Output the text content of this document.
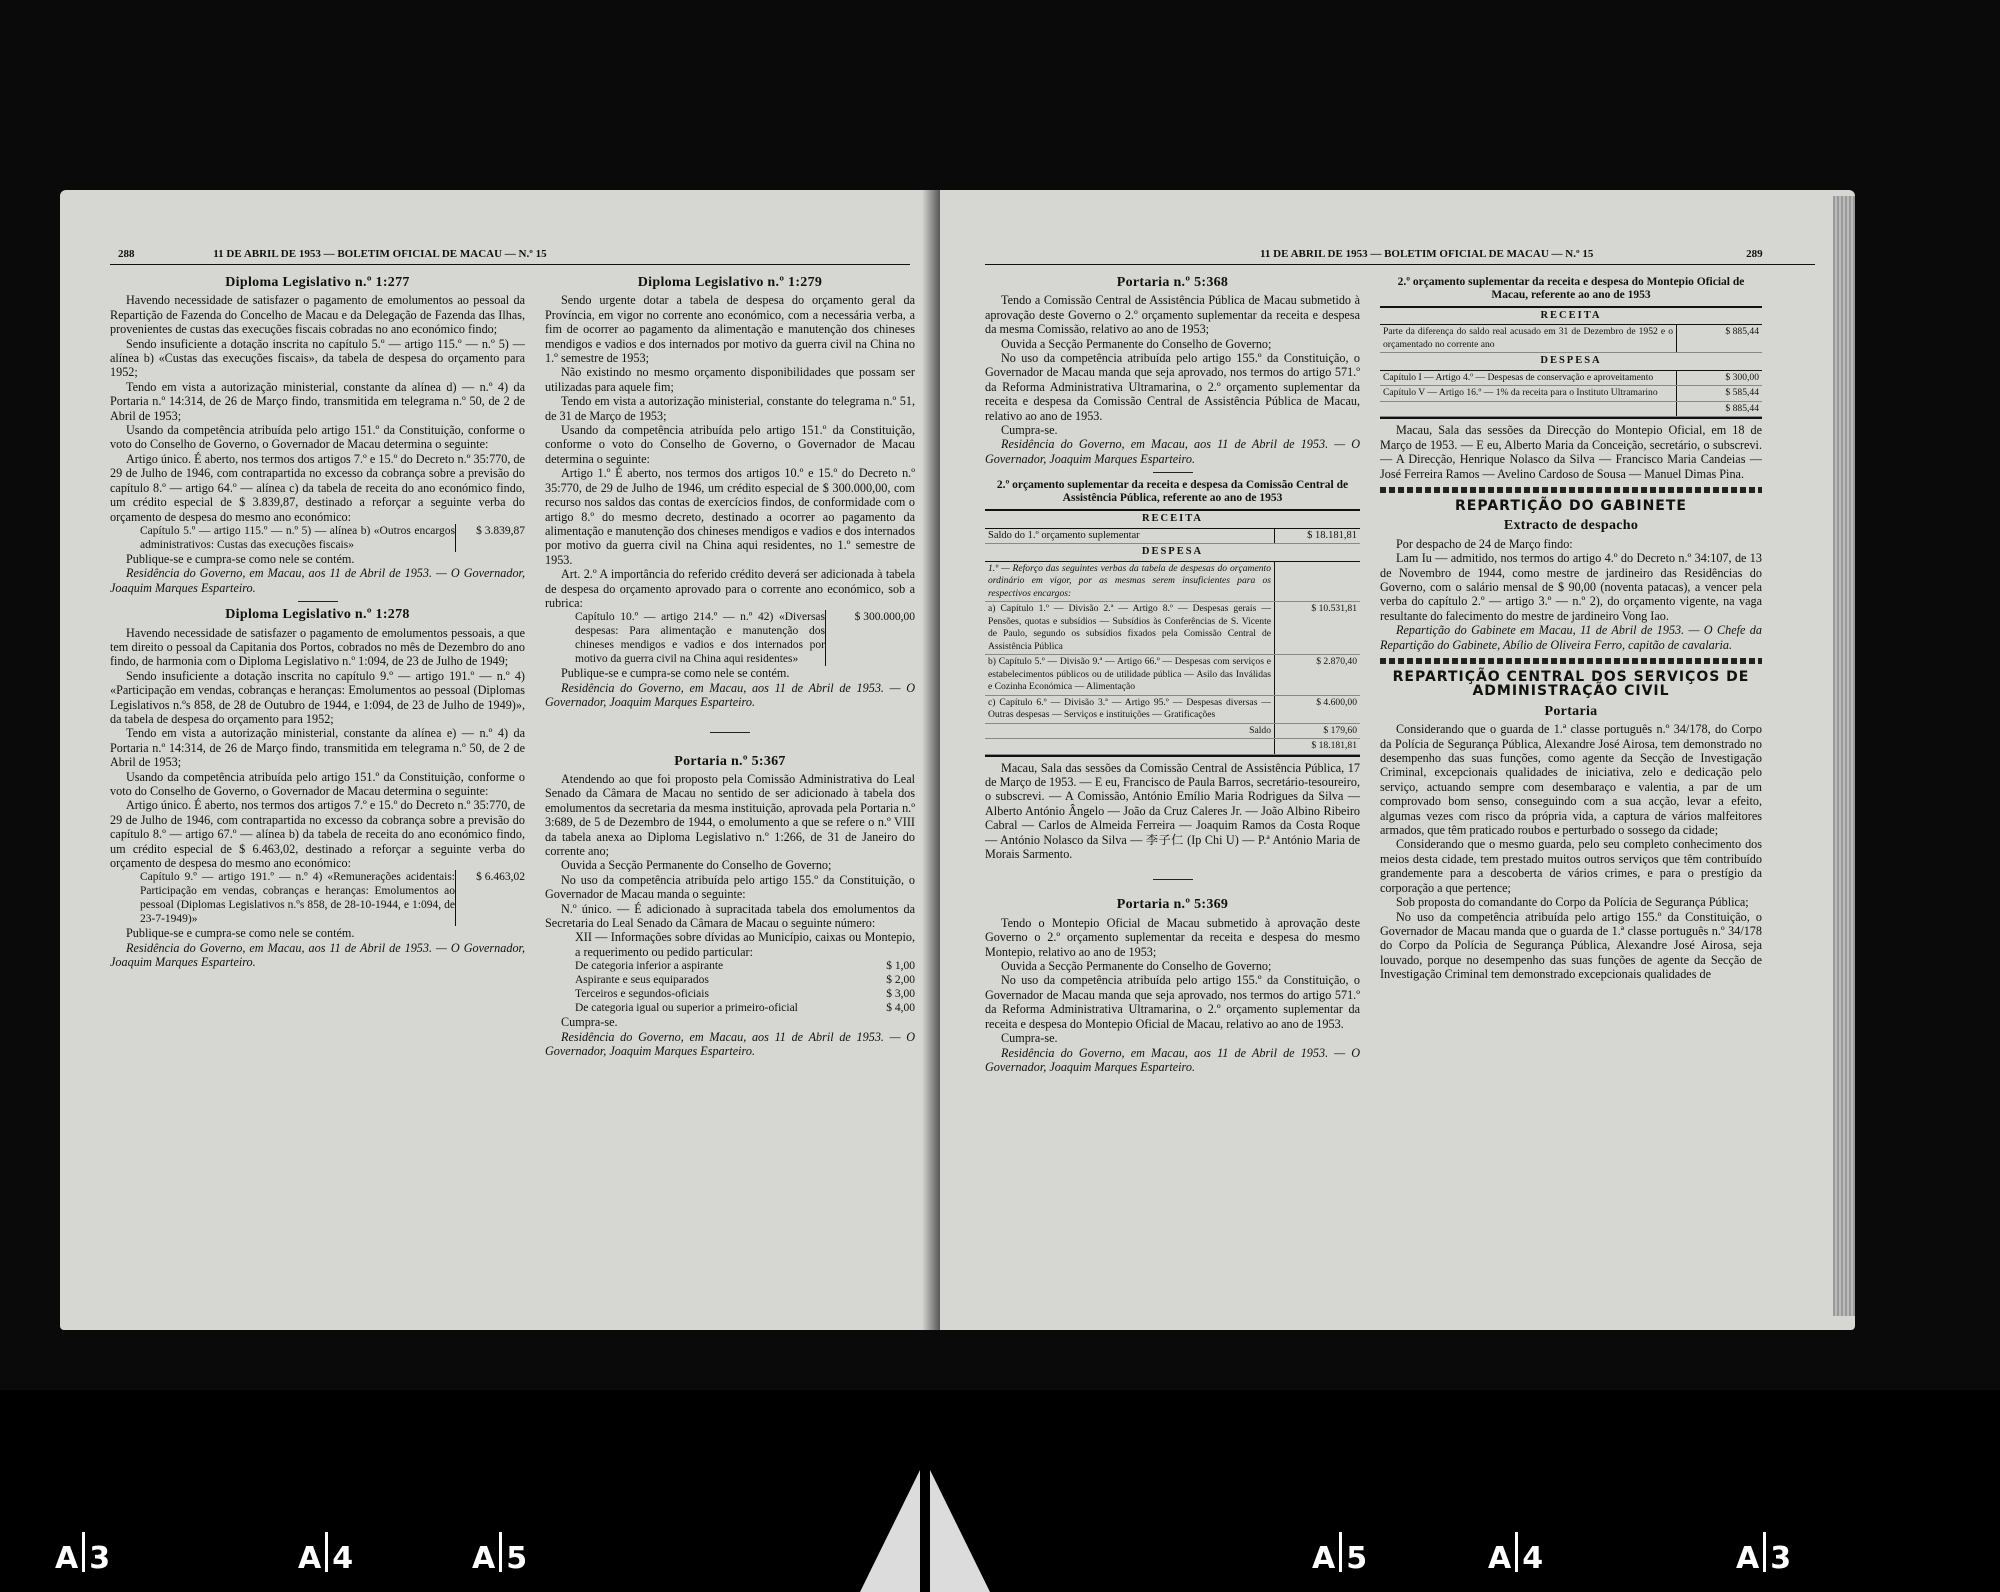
288	11 DE ABRIL DE 1953 — BOLETIM OFICIAL DE MACAU — N.º 15
Diploma Legislativo n.º 1:277

Havendo necessidade de satisfazer o pagamento de emolumentos ao pessoal da Repartição de Fazenda do Concelho de Macau e da Delegação de Fazenda das Ilhas, provenientes de custas das execuções fiscais cobradas no ano económico findo;

Sendo insuficiente a dotação inscrita no capítulo 5.º — artigo 115.º — n.º 5) — alínea b) «Custas das execuções fiscais», da tabela de despesa do orçamento para 1952;

Tendo em vista a autorização ministerial, constante da alínea d) — n.º 4) da Portaria n.º 14:314, de 26 de Março findo, transmitida em telegrama n.º 50, de 2 de Abril de 1953;

Usando da competência atribuída pelo artigo 151.º da Constituição, conforme o voto do Conselho de Governo, o Governador de Macau determina o seguinte:

Artigo único. É aberto, nos termos dos artigos 7.º e 15.º do Decreto n.º 35:770, de 29 de Julho de 1946, com contrapartida no excesso da cobrança sobre a previsão do capítulo 8.º — artigo 64.º — alínea c) da tabela de receita do ano económico findo, um crédito especial de $ 3.839,87, destinado a reforçar a seguinte verba do orçamento de despesa do mesmo ano económico:

Capítulo 5.º — artigo 115.º — n.º 5) — alínea b) «Outros encargos administrativos: Custas das execuções fiscais»
$ 3.839,87

Publique-se e cumpra-se como nele se contém.

Residência do Governo, em Macau, aos 11 de Abril de 1953. — O Governador, Joaquim Marques Esparteiro.

Diploma Legislativo n.º 1:278

Havendo necessidade de satisfazer o pagamento de emolumentos pessoais, a que tem direito o pessoal da Capitania dos Portos, cobrados no mês de Dezembro do ano findo, de harmonia com o Diploma Legislativo n.º 1:094, de 23 de Julho de 1949;

Sendo insuficiente a dotação inscrita no capítulo 9.º — artigo 191.º — n.º 4) «Participação em vendas, cobranças e heranças: Emolumentos ao pessoal (Diplomas Legislativos n.ºs 858, de 28 de Outubro de 1944, e 1:094, de 23 de Julho de 1949)», da tabela de despesa do orçamento para 1952;

Tendo em vista a autorização ministerial, constante da alínea e) — n.º 4) da Portaria n.º 14:314, de 26 de Março findo, transmitida em telegrama n.º 50, de 2 de Abril de 1953;

Usando da competência atribuída pelo artigo 151.º da Constituição, conforme o voto do Conselho de Governo, o Governador de Macau determina o seguinte:

Artigo único. É aberto, nos termos dos artigos 7.º e 15.º do Decreto n.º 35:770, de 29 de Julho de 1946, com contrapartida no excesso da cobrança sobre a previsão do capítulo 8.º — artigo 67.º — alínea b) da tabela de receita do ano económico findo, um crédito especial de $ 6.463,02, destinado a reforçar a seguinte verba do orçamento de despesa do mesmo ano económico:

Capítulo 9.º — artigo 191.º — n.º 4) «Remunerações acidentais: Participação em vendas, cobranças e heranças: Emolumentos ao pessoal (Diplomas Legislativos n.ºs 858, de 28-10-1944, e 1:094, de 23-7-1949)»
$ 6.463,02

Publique-se e cumpra-se como nele se contém.

Residência do Governo, em Macau, aos 11 de Abril de 1953. — O Governador, Joaquim Marques Esparteiro.

Diploma Legislativo n.º 1:279

Sendo urgente dotar a tabela de despesa do orçamento geral da Província, em vigor no corrente ano económico, com a necessária verba, a fim de ocorrer ao pagamento da alimentação e manutenção dos chineses mendigos e vadios e dos internados por motivo da guerra civil na China no 1.º semestre de 1953;

Não existindo no mesmo orçamento disponibilidades que possam ser utilizadas para aquele fim;

Tendo em vista a autorização ministerial, constante do telegrama n.º 51, de 31 de Março de 1953;

Usando da competência atribuída pelo artigo 151.º da Constituição, conforme o voto do Conselho de Governo, o Governador de Macau determina o seguinte:

Artigo 1.º É aberto, nos termos dos artigos 10.º e 15.º do Decreto n.º 35:770, de 29 de Julho de 1946, um crédito especial de $ 300.000,00, com recurso nos saldos das contas de exercícios findos, de conformidade com o artigo 8.º do mesmo decreto, destinado a ocorrer ao pagamento da alimentação e manutenção dos chineses mendigos e vadios e dos internados por motivo da guerra civil na China aqui residentes, no 1.º semestre de 1953.

Art. 2.º A importância do referido crédito deverá ser adicionada à tabela de despesa do orçamento aprovado para o corrente ano económico, sob a rubrica:

Capítulo 10.º — artigo 214.º — n.º 42) «Diversas despesas: Para alimentação e manutenção dos chineses mendigos e vadios e dos internados por motivo da guerra civil na China aqui residentes»
$ 300.000,00

Publique-se e cumpra-se como nele se contém.

Residência do Governo, em Macau, aos 11 de Abril de 1953. — O Governador, Joaquim Marques Esparteiro.

Portaria n.º 5:367

Atendendo ao que foi proposto pela Comissão Administrativa do Leal Senado da Câmara de Macau no sentido de ser adicionado à tabela dos emolumentos da secretaria da mesma instituição, aprovada pela Portaria n.º 3:689, de 5 de Dezembro de 1944, o emolumento a que se refere o n.º VIII da tabela anexa ao Diploma Legislativo n.º 1:266, de 31 de Janeiro do corrente ano;

Ouvida a Secção Permanente do Conselho de Governo;

No uso da competência atribuída pelo artigo 155.º da Constituição, o Governador de Macau manda o seguinte:

N.º único. — É adicionado à supracitada tabela dos emolumentos da Secretaria do Leal Senado da Câmara de Macau o seguinte número:

XII — Informações sobre dívidas ao Município, caixas ou Montepio, a requerimento ou pedido particular:

De categoria inferior a aspirante	$ 1,00
Aspirante e seus equiparados	$ 2,00
Terceiros e segundos-oficiais	$ 3,00
De categoria igual ou superior a primeiro-oficial	$ 4,00

Cumpra-se.

Residência do Governo, em Macau, aos 11 de Abril de 1953. — O Governador, Joaquim Marques Esparteiro.

11 DE ABRIL DE 1953 — BOLETIM OFICIAL DE MACAU — N.º 15	289
Portaria n.º 5:368

Tendo a Comissão Central de Assistência Pública de Macau submetido à aprovação deste Governo o 2.º orçamento suplementar da receita e despesa da mesma Comissão, relativo ao ano de 1953;

Ouvida a Secção Permanente do Conselho de Governo;

No uso da competência atribuída pelo artigo 155.º da Constituição, o Governador de Macau manda que seja aprovado, nos termos do artigo 571.º da Reforma Administrativa Ultramarina, o 2.º orçamento suplementar da receita e despesa da Comissão Central de Assistência Pública de Macau, relativo ao ano de 1953.

Cumpra-se.

Residência do Governo, em Macau, aos 11 de Abril de 1953. — O Governador, Joaquim Marques Esparteiro.

2.º orçamento suplementar da receita e despesa da Comissão Central de Assistência Pública, referente ao ano de 1953
RECEITA
Saldo do 1.º orçamento suplementar	$ 18.181,81
DESPESA
1.º — Reforço das seguintes verbas da tabela de despesas do orçamento ordinário em vigor, por as mesmas serem insuficientes para os respectivos encargos:
a) Capítulo 1.º — Divisão 2.ª — Artigo 8.º — Despesas gerais — Pensões, quotas e subsídios — Subsídios às Conferências de S. Vicente de Paulo, segundo os subsídios fixados pela Comissão Central de Assistência Pública
$ 10.531,81
b) Capítulo 5.º — Divisão 9.ª — Artigo 66.º — Despesas com serviços e estabelecimentos públicos ou de utilidade pública — Asilo das Inválidas e Cozinha Económica — Alimentação
$ 2.870,40
c) Capítulo 6.º — Divisão 3.ª — Artigo 95.º — Despesas diversas — Outras despesas — Serviços e instituições — Gratificações
$ 4.600,00
Saldo	$ 179,60
$ 18.181,81

Macau, Sala das sessões da Comissão Central de Assistência Pública, 17 de Março de 1953. — E eu, Francisco de Paula Barros, secretário-tesoureiro, o subscrevi. — A Comissão, António Emílio Maria Rodrigues da Silva — Alberto António Ângelo — João da Cruz Caleres Jr. — João Albino Ribeiro Cabral — Carlos de Almeida Ferreira — Joaquim Ramos da Costa Roque — António Nolasco da Silva — 李子仁 (Ip Chi U) — P.ª António Maria de Morais Sarmento.

Portaria n.º 5:369

Tendo o Montepio Oficial de Macau submetido à aprovação deste Governo o 2.º orçamento suplementar da receita e despesa do mesmo Montepio, relativo ao ano de 1953;

Ouvida a Secção Permanente do Conselho de Governo;

No uso da competência atribuída pelo artigo 155.º da Constituição, o Governador de Macau manda que seja aprovado, nos termos do artigo 571.º da Reforma Administrativa Ultramarina, o 2.º orçamento suplementar da receita e despesa do Montepio Oficial de Macau, relativo ao ano de 1953.

Cumpra-se.

Residência do Governo, em Macau, aos 11 de Abril de 1953. — O Governador, Joaquim Marques Esparteiro.

2.º orçamento suplementar da receita e despesa do Montepio Oficial de Macau, referente ao ano de 1953
RECEITA
Parte da diferença do saldo real acusado em 31 de Dezembro de 1952 e o orçamentado no corrente ano
$ 885,44
DESPESA
Capítulo I — Artigo 4.º — Despesas de conservação e aproveitamento	$ 300,00
Capítulo V — Artigo 16.º — 1% da receita para o Instituto Ultramarino	$ 585,44
$ 885,44

Macau, Sala das sessões da Direcção do Montepio Oficial, em 18 de Março de 1953. — E eu, Alberto Maria da Conceição, secretário, o subscrevi. — A Direcção, Henrique Nolasco da Silva — Francisco Maria Candeias — José Ferreira Ramos — Avelino Cardoso de Sousa — Manuel Dimas Pina.

REPARTIÇÃO DO GABINETE
Extracto de despacho

Por despacho de 24 de Março findo:

Lam Iu — admitido, nos termos do artigo 4.º do Decreto n.º 34:107, de 13 de Novembro de 1944, como mestre de jardineiro das Residências do Governo, com o salário mensal de $ 90,00 (noventa patacas), a vencer pela verba do capítulo 2.º — artigo 3.º — n.º 2), do orçamento vigente, na vaga resultante do falecimento do mestre de jardineiro Vong Iao.

Repartição do Gabinete em Macau, 11 de Abril de 1953. — O Chefe da Repartição do Gabinete, Abílio de Oliveira Ferro, capitão de cavalaria.

REPARTIÇÃO CENTRAL DOS SERVIÇOS DE ADMINISTRAÇÃO CIVIL
Portaria

Considerando que o guarda de 1.ª classe português n.º 34/178, do Corpo da Polícia de Segurança Pública, Alexandre José Airosa, tem demonstrado no desempenho das suas funções, como agente da Secção de Investigação Criminal, excepcionais qualidades de iniciativa, zelo e dedicação pelo serviço, actuando sempre com desembaraço e valentia, a par de um comprovado bom senso, conseguindo com a sua acção, levar a efeito, algumas vezes com risco da própria vida, a captura de vários malfeitores armados, que têm praticado roubos e perturbado o sossego da cidade;

Considerando que o mesmo guarda, pelo seu completo conhecimento dos meios desta cidade, tem prestado muitos outros serviços que têm contribuído grandemente para a descoberta de vários crimes, e para o prestígio da corporação a que pertence;

Sob proposta do comandante do Corpo da Polícia de Segurança Pública;

No uso da competência atribuída pelo artigo 155.º da Constituição, o Governador de Macau manda que o guarda de 1.ª classe português n.º 34/178 do Corpo da Polícia de Segurança Pública, Alexandre José Airosa, seja louvado, porque no desempenho das suas funções de agente da Secção de Investigação Criminal tem demonstrado excepcionais qualidades de

A 3	A 4	A 5	A 5	A 4	A 3
